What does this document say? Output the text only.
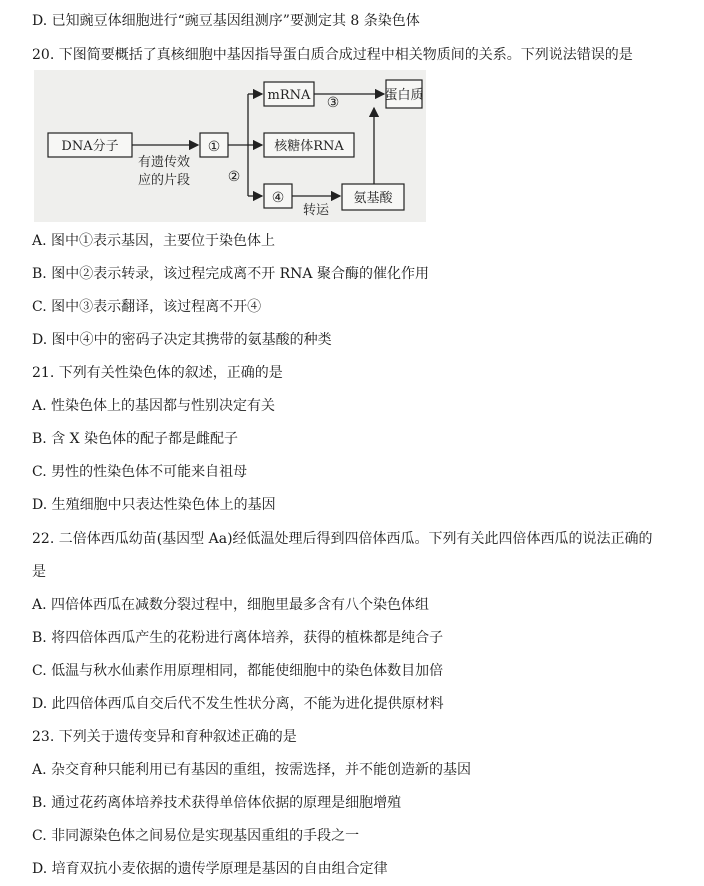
D. 已知豌豆体细胞进行“豌豆基因组测序”要测定其 8 条染色体
20. 下图简要概括了真核细胞中基因指导蛋白质合成过程中相关物质间的关系。下列说法错误的是
DNA分子	①
mRNA	蛋白质
核糖体RNA
④	氨基酸
②
③
有遗传效
应的片段
转运
A. 图中①表示基因，主要位于染色体上
B. 图中②表示转录，该过程完成离不开 RNA 聚合酶的催化作用
C. 图中③表示翻译，该过程离不开④
D. 图中④中的密码子决定其携带的氨基酸的种类
21. 下列有关性染色体的叙述，正确的是
A. 性染色体上的基因都与性别决定有关
B. 含 X 染色体的配子都是雌配子
C. 男性的性染色体不可能来自祖母
D. 生殖细胞中只表达性染色体上的基因
22. 二倍体西瓜幼苗(基因型 Aa)经低温处理后得到四倍体西瓜。下列有关此四倍体西瓜的说法正确的
是
A. 四倍体西瓜在减数分裂过程中，细胞里最多含有八个染色体组
B. 将四倍体西瓜产生的花粉进行离体培养，获得的植株都是纯合子
C. 低温与秋水仙素作用原理相同，都能使细胞中的染色体数目加倍
D. 此四倍体西瓜自交后代不发生性状分离，不能为进化提供原材料
23. 下列关于遗传变异和育种叙述正确的是
A. 杂交育种只能利用已有基因的重组，按需选择，并不能创造新的基因
B. 通过花药离体培养技术获得单倍体依据的原理是细胞增殖
C. 非同源染色体之间易位是实现基因重组的手段之一
D. 培育双抗小麦依据的遗传学原理是基因的自由组合定律
